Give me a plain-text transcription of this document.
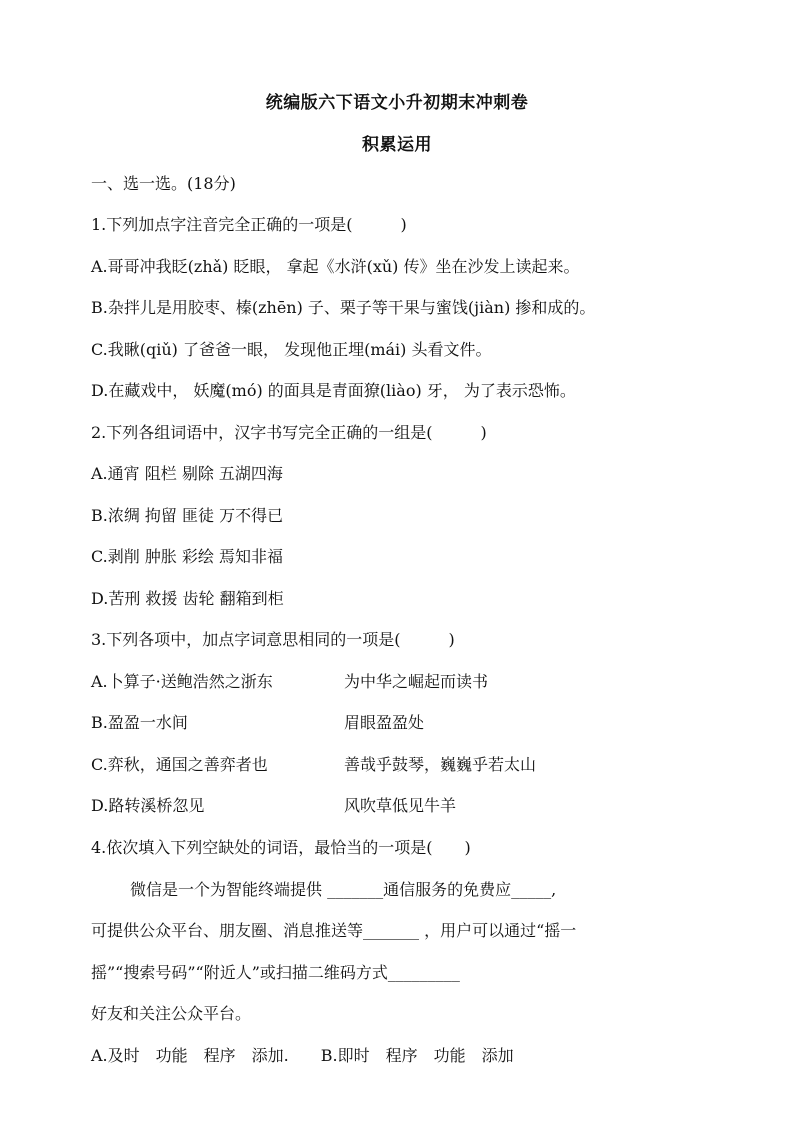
统编版六下语文小升初期末冲刺卷
积累运用
一、选一选。(18分)
1.下列加点字注音完全正确的一项是(　　　)
A.哥哥冲我眨(zhǎ) 眨眼， 拿起《水浒(xǔ) 传》坐在沙发上读起来。
B.杂拌儿是用胶枣、榛(zhēn) 子、栗子等干果与蜜饯(jiàn) 掺和成的。
C.我瞅(qiǔ) 了爸爸一眼， 发现他正埋(mái) 头看文件。
D.在藏戏中， 妖魔(mó) 的面具是青面獠(liào) 牙， 为了表示恐怖。
2.下列各组词语中，汉字书写完全正确的一组是(　　　)
A.通宵 阻栏 剔除 五湖四海
B.浓绸 拘留 匪徒 万不得已
C.剥削 肿胀 彩绘 焉知非福
D.苦刑 救援 齿轮 翻箱到柜
3.下列各项中，加点字词意思相同的一项是(　　　)
A.卜算子·送鲍浩然之浙东	为中华之崛起而读书
B.盈盈一水间	眉眼盈盈处
C.弈秋，通国之善弈者也	善哉乎鼓琴，巍巍乎若太山
D.路转溪桥忽见	风吹草低见牛羊
4.依次填入下列空缺处的词语，最恰当的一项是(　　)
微信是一个为智能终端提供 _______通信服务的免费应_____,
可提供公众平台、朋友圈、消息推送等_______ ，用户可以通过“摇一
摇”“搜索号码”“附近人”或扫描二维码方式_________
好友和关注公众平台。
A.及时　功能　程序　添加.　　B.即时　程序　功能　添加
